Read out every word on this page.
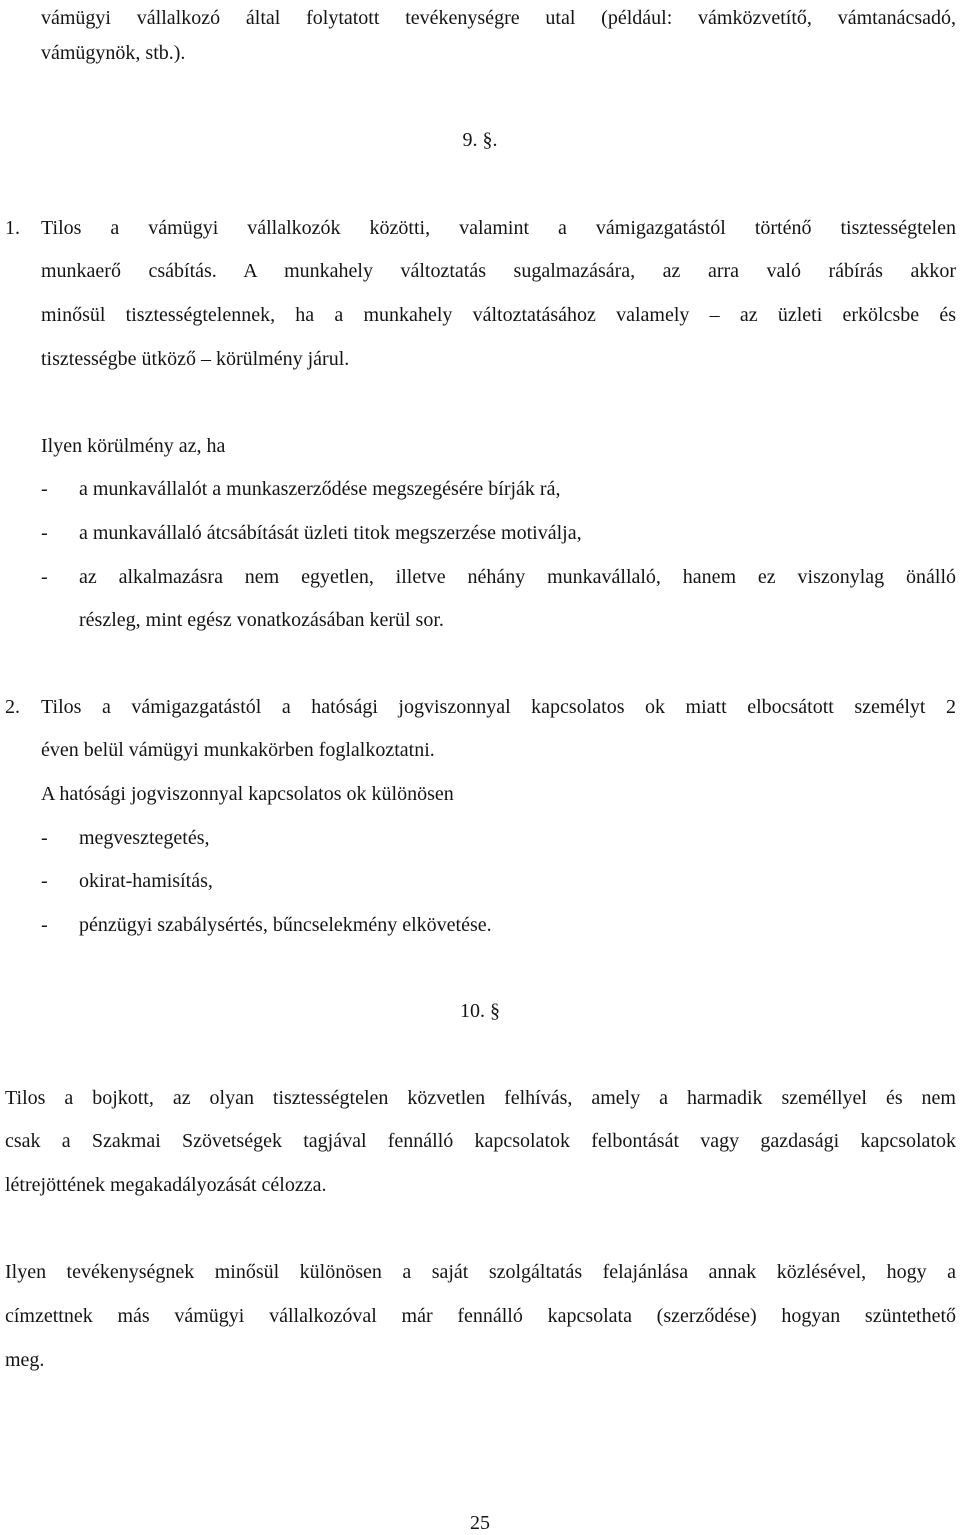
vámügyi vállalkozó által folytatott tevékenységre utal (például: vámközvetítő, vámtanácsadó,
vámügynök, stb.).
9. §.
1. Tilos a vámügyi vállalkozók közötti, valamint a vámigazgatástól történő tisztességtelen
munkaerő csábítás. A munkahely változtatás sugalmazására, az arra való rábírás akkor
minősül tisztességtelennek, ha a munkahely változtatásához valamely – az üzleti erkölcsbe és
tisztességbe ütköző – körülmény járul.
Ilyen körülmény az, ha
-	a munkavállalót a munkaszerződése megszegésére bírják rá,
-	a munkavállaló átcsábítását üzleti titok megszerzése motiválja,
-	az alkalmazásra nem egyetlen, illetve néhány munkavállaló, hanem ez viszonylag önálló
részleg, mint egész vonatkozásában kerül sor.
2. Tilos a vámigazgatástól a hatósági jogviszonnyal kapcsolatos ok miatt elbocsátott személyt 2
éven belül vámügyi munkakörben foglalkoztatni.
A hatósági jogviszonnyal kapcsolatos ok különösen
-	megvesztegetés,
-	okirat-hamisítás,
-	pénzügyi szabálysértés, bűncselekmény elkövetése.
10. §
Tilos a bojkott, az olyan tisztességtelen közvetlen felhívás, amely a harmadik személlyel és nem
csak a Szakmai Szövetségek tagjával fennálló kapcsolatok felbontását vagy gazdasági kapcsolatok
létrejöttének megakadályozását célozza.
Ilyen tevékenységnek minősül különösen a saját szolgáltatás felajánlása annak közlésével, hogy a
címzettnek más vámügyi vállalkozóval már fennálló kapcsolata (szerződése) hogyan szüntethető
meg.
25
